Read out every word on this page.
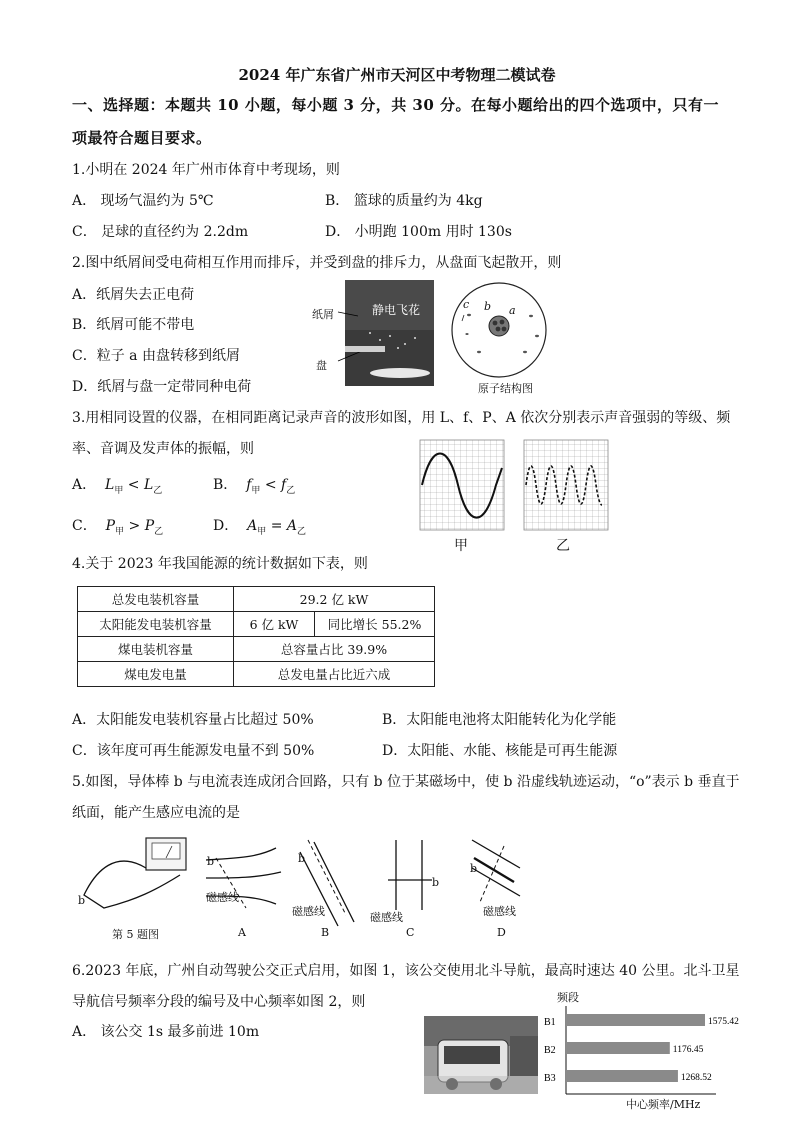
2024 年广东省广州市天河区中考物理二模试卷
一、选择题：本题共 10 小题，每小题 3 分，共 30 分。在每小题给出的四个选项中，只有一
项最符合题目要求。
1.小明在 2024 年广州市体育中考现场，则
A． 现场气温约为 5℃	B． 篮球的质量约为 4kg
C． 足球的直径约为 2.2dm	D． 小明跑 100m 用时 130s
2.图中纸屑间受电荷相互作用而排斥，并受到盘的排斥力，从盘面飞起散开，则
A．纸屑失去正电荷
B．纸屑可能不带电
C．粒子 a 由盘转移到纸屑
D．纸屑与盘一定带同种电荷
纸屑
盘
静电飞花	c b a
原子结构图
3.用相同设置的仪器，在相同距离记录声音的波形如图，用 L、f、P、A 依次分别表示声音强弱的等级、频
率、音调及发声体的振幅，则
A． $L_甲 < L_乙$	B． $f_甲 < f_乙$
C． $P_甲 > P_乙$	D． $A_甲 = A_乙$
甲	乙
4.关于 2023 年我国能源的统计数据如下表，则
总发电装机容量	29.2 亿 kW	
太阳能发电装机容量	6 亿 kW	同比增长 55.2%
煤电装机容量	总容量占比 39.9%	
煤电发电量	总发电量占比近六成	
A．太阳能发电装机容量占比超过 50%	B．太阳能电池将太阳能转化为化学能
C．该年度可再生能源发电量不到 50%	D．太阳能、水能、核能是可再生能源
5.如图，导体棒 b 与电流表连成闭合回路，只有 b 位于某磁场中，使 b 沿虚线轨迹运动，“o”表示 b 垂直于
纸面，能产生感应电流的是
b
b
磁感线
b
磁感线
b
磁感线
b
磁感线
第 5 题图	A	B	C	D
6.2023 年底，广州自动驾驶公交正式启用，如图 1，该公交使用北斗导航，最高时速达 40 公里。北斗卫星
导航信号频率分段的编号及中心频率如图 2，则
A． 该公交 1s 最多前进 10m
频段
B1	1575.42
B2	1176.45
B3	1268.52
中心频率/MHz
